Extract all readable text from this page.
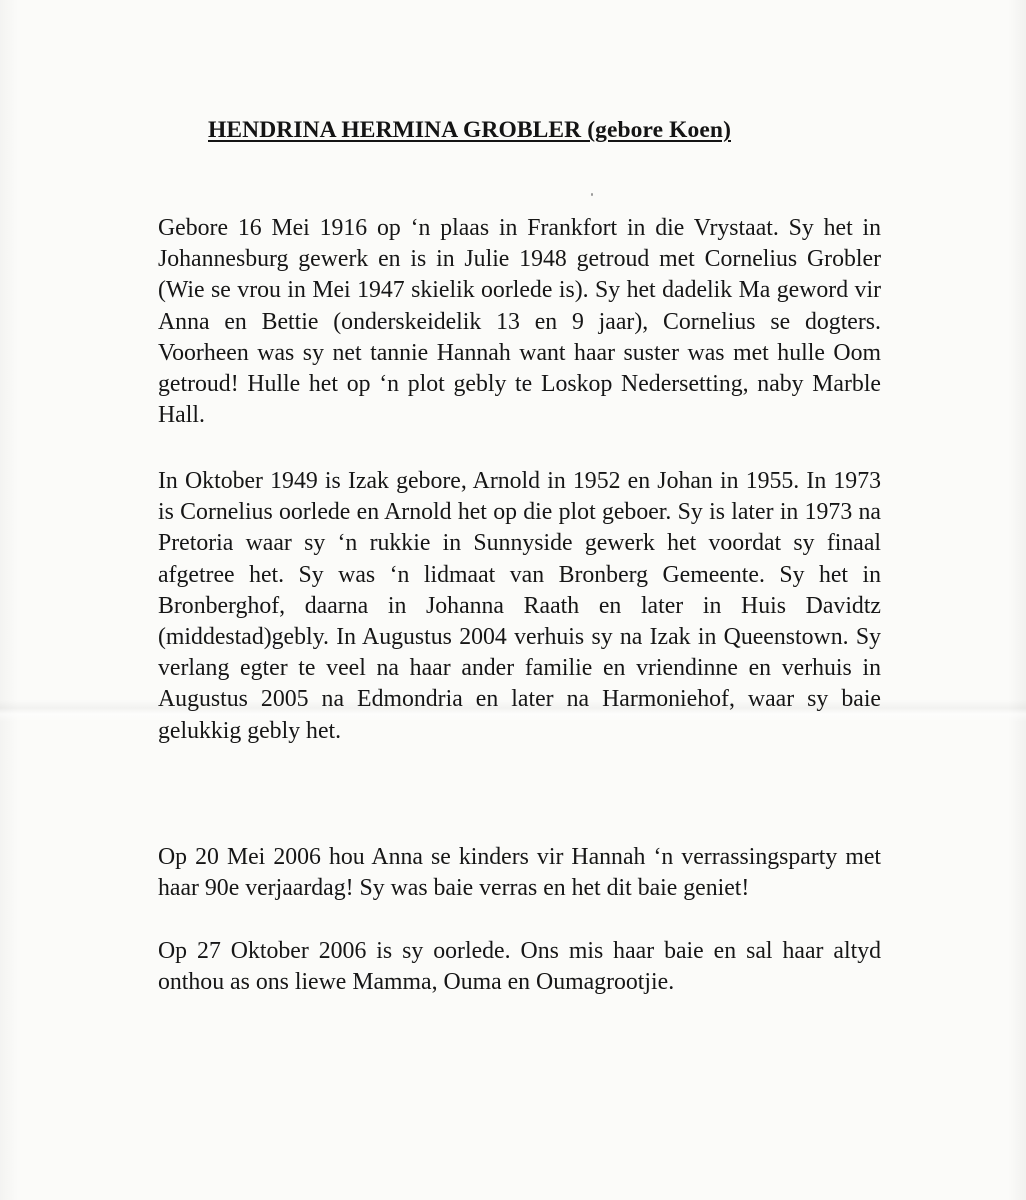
HENDRINA HERMINA GROBLER (gebore Koen)

Gebore 16 Mei 1916 op ‘n plaas in Frankfort in die Vrystaat. Sy het in Johannesburg gewerk en is in Julie 1948 getroud met Cornelius Grobler (Wie se vrou in Mei 1947 skielik oorlede is). Sy het dadelik Ma geword vir Anna en Bettie (onderskeidelik 13 en 9 jaar), Cornelius se dogters. Voorheen was sy net tannie Hannah want haar suster was met hulle Oom getroud! Hulle het op ‘n plot gebly te Loskop Nedersetting, naby Marble Hall.

In Oktober 1949 is Izak gebore, Arnold in 1952 en Johan in 1955. In 1973 is Cornelius oorlede en Arnold het op die plot geboer. Sy is later in 1973 na Pretoria waar sy ‘n rukkie in Sunnyside gewerk het voordat sy finaal afgetree het. Sy was ‘n lidmaat van Bronberg Gemeente. Sy het in Bronberghof, daarna in Johanna Raath en later in Huis Davidtz (middestad)gebly. In Augustus 2004 verhuis sy na Izak in Queenstown. Sy verlang egter te veel na haar ander familie en vriendinne en verhuis in Augustus 2005 na Edmondria en later na Harmoniehof, waar sy baie gelukkig gebly het.

Op 20 Mei 2006 hou Anna se kinders vir Hannah ‘n verrassingsparty met haar 90e verjaardag! Sy was baie verras en het dit baie geniet!

Op 27 Oktober 2006 is sy oorlede. Ons mis haar baie en sal haar altyd onthou as ons liewe Mamma, Ouma en Oumagrootjie.
